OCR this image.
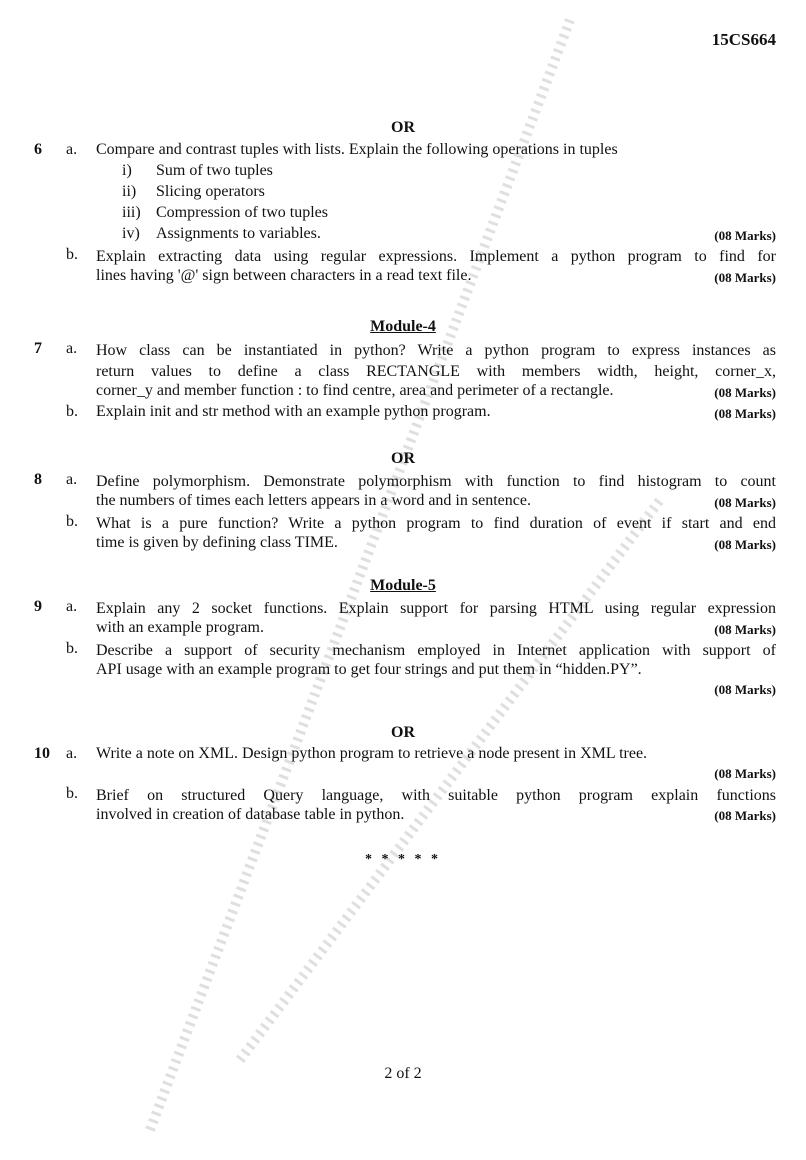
15CS664
OR
6 a. Compare and contrast tuples with lists. Explain the following operations in tuples
i) Sum of two tuples
ii) Slicing operators
iii) Compression of two tuples
iv) Assignments to variables.	(08 Marks)
b. Explain extracting data using regular expressions. Implement a python program to find for
lines having '@' sign between characters in a read text file.	(08 Marks)
Module-4
7 a. How class can be instantiated in python? Write a python program to express instances as
return values to define a class RECTANGLE with members width, height, corner_x,
corner_y and member function : to find centre, area and perimeter of a rectangle.	(08 Marks)
b. Explain init and str method with an example python program.	(08 Marks)
OR
8 a. Define polymorphism. Demonstrate polymorphism with function to find histogram to count
the numbers of times each letters appears in a word and in sentence.	(08 Marks)
b. What is a pure function? Write a python program to find duration of event if start and end
time is given by defining class TIME.	(08 Marks)
Module-5
9 a. Explain any 2 socket functions. Explain support for parsing HTML using regular expression
with an example program.	(08 Marks)
b. Describe a support of security mechanism employed in Internet application with support of
API usage with an example program to get four strings and put them in “hidden.PY”.
(08 Marks)
OR
10 a. Write a note on XML. Design python program to retrieve a node present in XML tree.
(08 Marks)
b. Brief on structured Query language, with suitable python program explain functions
involved in creation of database table in python.	(08 Marks)
* * * * *
2 of 2
